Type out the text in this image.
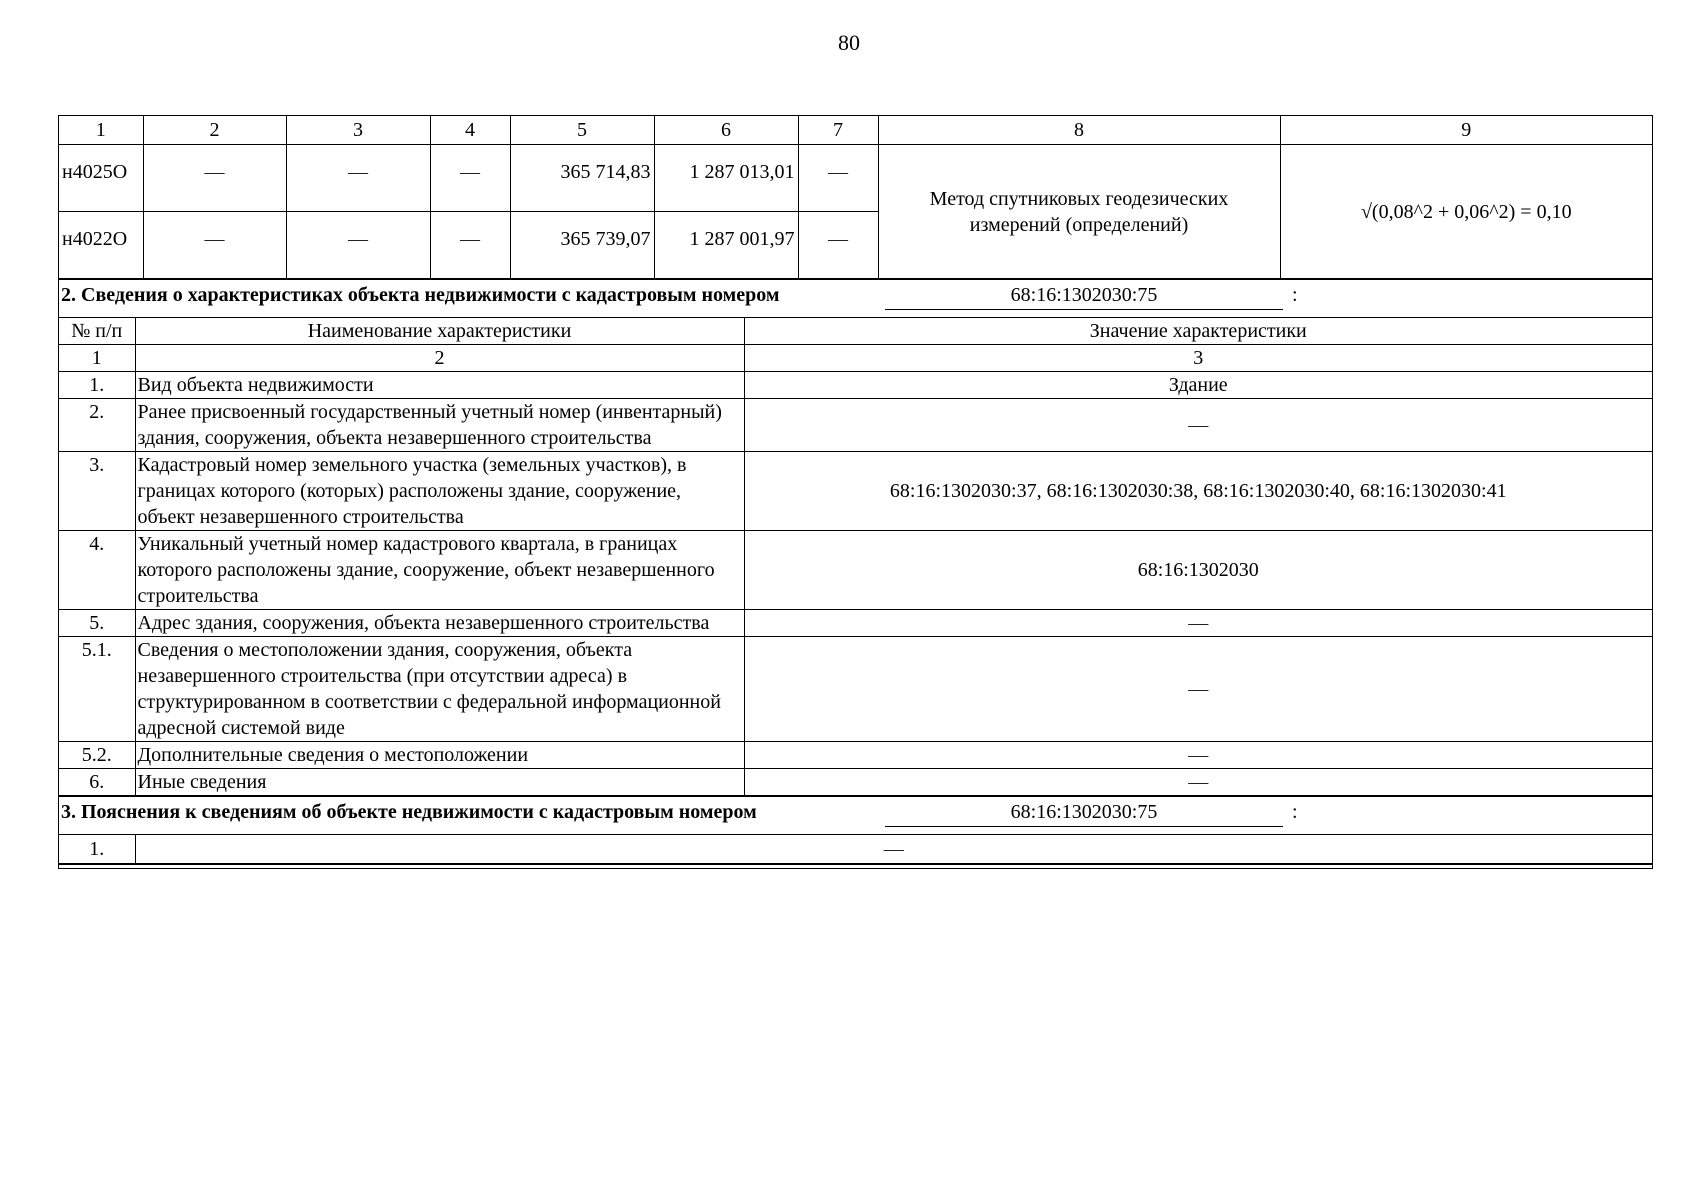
80
1	2	3	4	5	6	7	8	9
н4025О	—	—	—	365 714,83	1 287 013,01	—	Метод спутниковых геодезических измерений (определений)	√(0,08^2 + 0,06^2) = 0,10
н4022О	—	—	—	365 739,07	1 287 001,97	—		
2. Сведения о характеристиках объекта недвижимости с кадастровым номером	68:16:1302030:75	:
№ п/п	Наименование характеристики	Значение характеристики
1	2	3
1.	Вид объекта недвижимости	Здание
2.	Ранее присвоенный государственный учетный номер (инвентарный) здания, сооружения, объекта незавершенного строительства	—
3.	Кадастровый номер земельного участка (земельных участков), в границах которого (которых) расположены здание, сооружение, объект незавершенного строительства	68:16:1302030:37, 68:16:1302030:38, 68:16:1302030:40, 68:16:1302030:41
4.	Уникальный учетный номер кадастрового квартала, в границах которого расположены здание, сооружение, объект незавершенного строительства	68:16:1302030
5.	Адрес здания, сооружения, объекта незавершенного строительства	—
5.1.	Сведения о местоположении здания, сооружения, объекта незавершенного строительства (при отсутствии адреса) в структурированном в соответствии с федеральной информационной адресной системой виде	—
5.2.	Дополнительные сведения о местоположении	—
6.	Иные сведения	—
3. Пояснения к сведениям об объекте недвижимости с кадастровым номером	68:16:1302030:75	:
1.	—
